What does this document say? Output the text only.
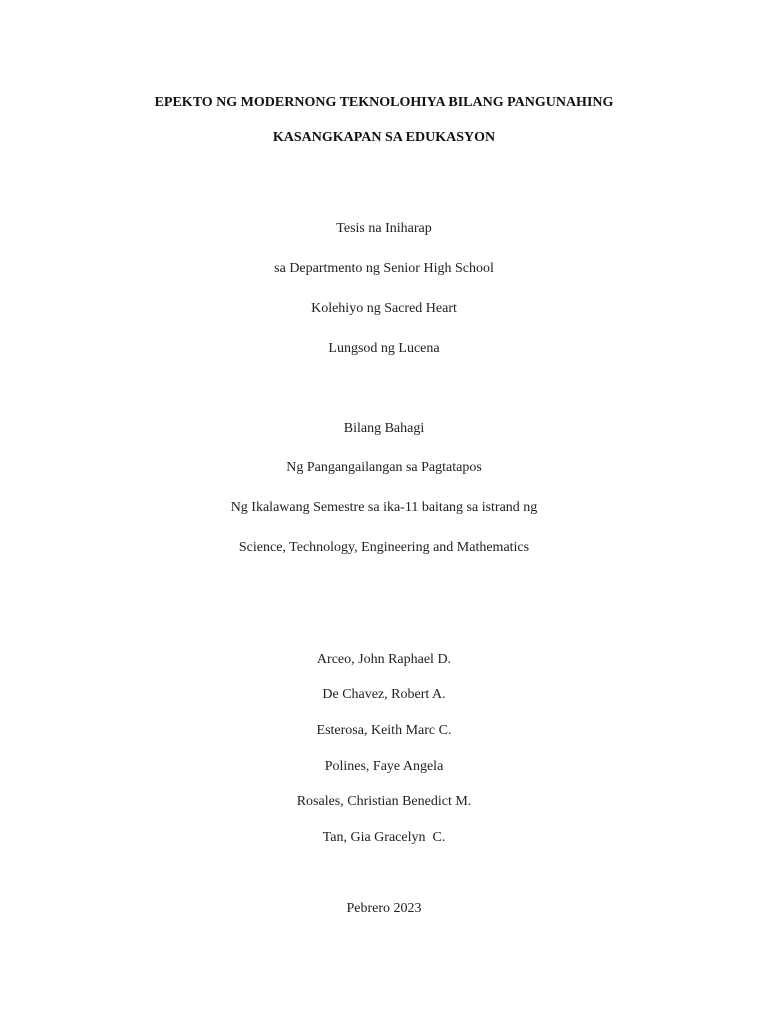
EPEKTO NG MODERNONG TEKNOLOHIYA BILANG PANGUNAHING
KASANGKAPAN SA EDUKASYON
Tesis na Iniharap
sa Departmento ng Senior High School
Kolehiyo ng Sacred Heart
Lungsod ng Lucena
Bilang Bahagi
Ng Pangangailangan sa Pagtatapos
Ng Ikalawang Semestre sa ika-11 baitang sa istrand ng
Science, Technology, Engineering and Mathematics
Arceo, John Raphael D.
De Chavez, Robert A.
Esterosa, Keith Marc C.
Polines, Faye Angela
Rosales, Christian Benedict M.
Tan, Gia Gracelyn  C.
Pebrero 2023
